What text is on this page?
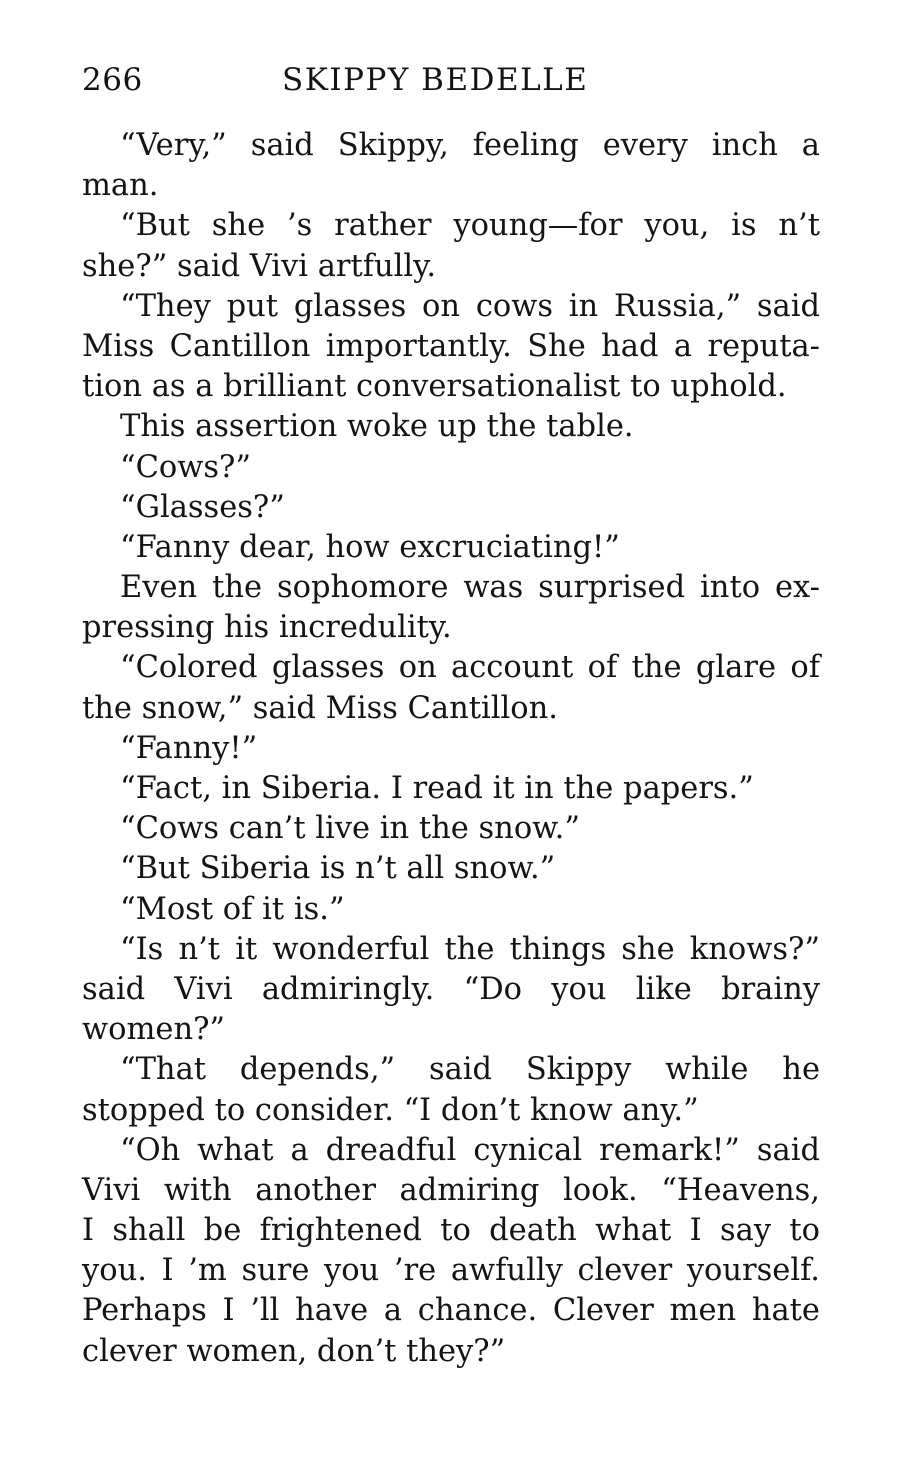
266	SKIPPY BEDELLE
“Very,” said Skippy, feeling every inch a
man.
“But she ’s rather young—for you, is n’t
she?” said Vivi artfully.
“They put glasses on cows in Russia,” said
Miss Cantillon importantly. She had a reputa-
tion as a brilliant conversationalist to uphold.
This assertion woke up the table.
“Cows?”
“Glasses?”
“Fanny dear, how excruciating!”
Even the sophomore was surprised into ex-
pressing his incredulity.
“Colored glasses on account of the glare of
the snow,” said Miss Cantillon.
“Fanny!”
“Fact, in Siberia. I read it in the papers.”
“Cows can’t live in the snow.”
“But Siberia is n’t all snow.”
“Most of it is.”
“Is n’t it wonderful the things she knows?”
said Vivi admiringly. “Do you like brainy
women?”
“That depends,” said Skippy while he
stopped to consider. “I don’t know any.”
“Oh what a dreadful cynical remark!” said
Vivi with another admiring look. “Heavens,
I shall be frightened to death what I say to
you. I ’m sure you ’re awfully clever yourself.
Perhaps I ’ll have a chance. Clever men hate
clever women, don’t they?”
